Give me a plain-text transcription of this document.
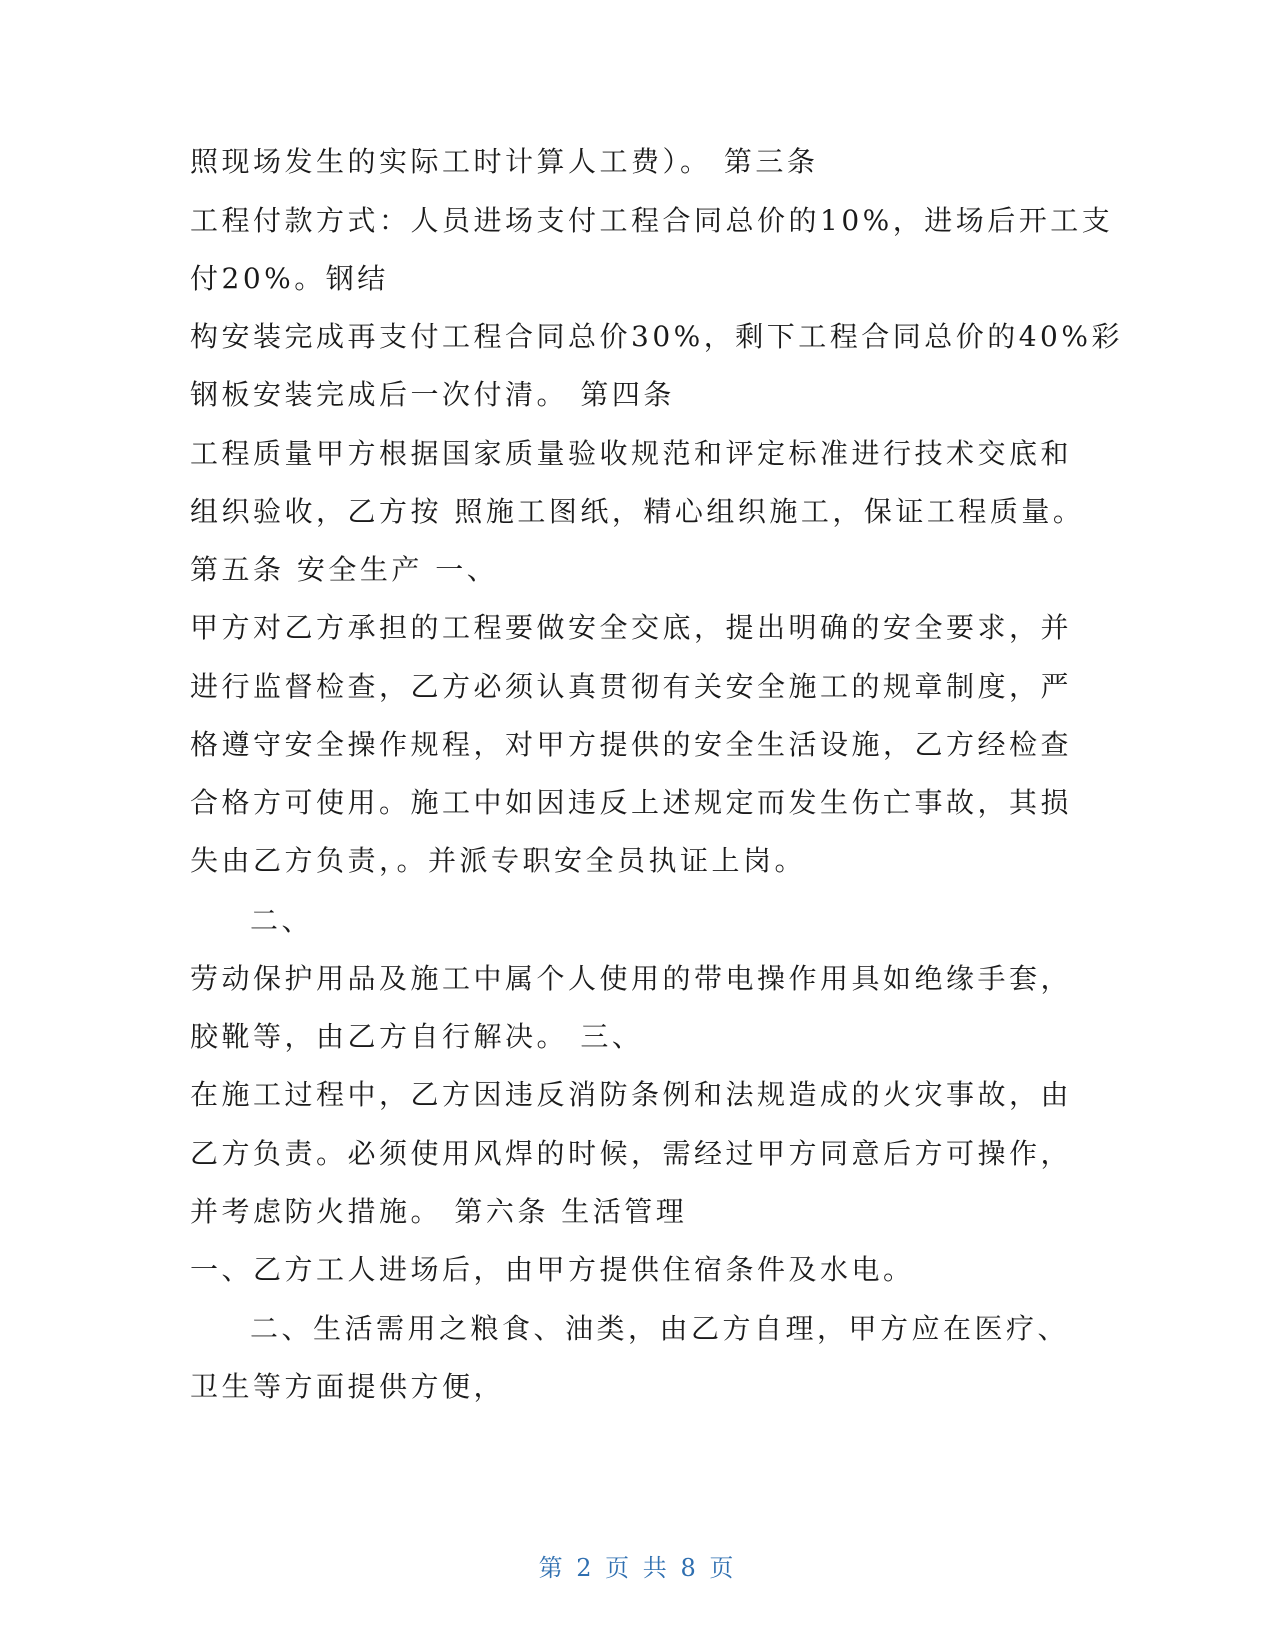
照现场发生的实际工时计算人工费）。 第三条
工程付款方式：人员进场支付工程合同总价的10%，进场后开工支
付20%。钢结
构安装完成再支付工程合同总价30%，剩下工程合同总价的40%彩
钢板安装完成后一次付清。 第四条
工程质量甲方根据国家质量验收规范和评定标准进行技术交底和
组织验收，乙方按 照施工图纸，精心组织施工，保证工程质量。
第五条 安全生产 一、
甲方对乙方承担的工程要做安全交底，提出明确的安全要求，并
进行监督检查，乙方必须认真贯彻有关安全施工的规章制度，严
格遵守安全操作规程，对甲方提供的安全生活设施，乙方经检查
合格方可使用。施工中如因违反上述规定而发生伤亡事故，其损
失由乙方负责，。并派专职安全员执证上岗。
二、
劳动保护用品及施工中属个人使用的带电操作用具如绝缘手套，
胶靴等，由乙方自行解决。 三、
在施工过程中，乙方因违反消防条例和法规造成的火灾事故，由
乙方负责。必须使用风焊的时候，需经过甲方同意后方可操作，
并考虑防火措施。 第六条 生活管理
一、乙方工人进场后，由甲方提供住宿条件及水电。
二、生活需用之粮食、油类，由乙方自理，甲方应在医疗、
卫生等方面提供方便，
第 2 页 共 8 页
